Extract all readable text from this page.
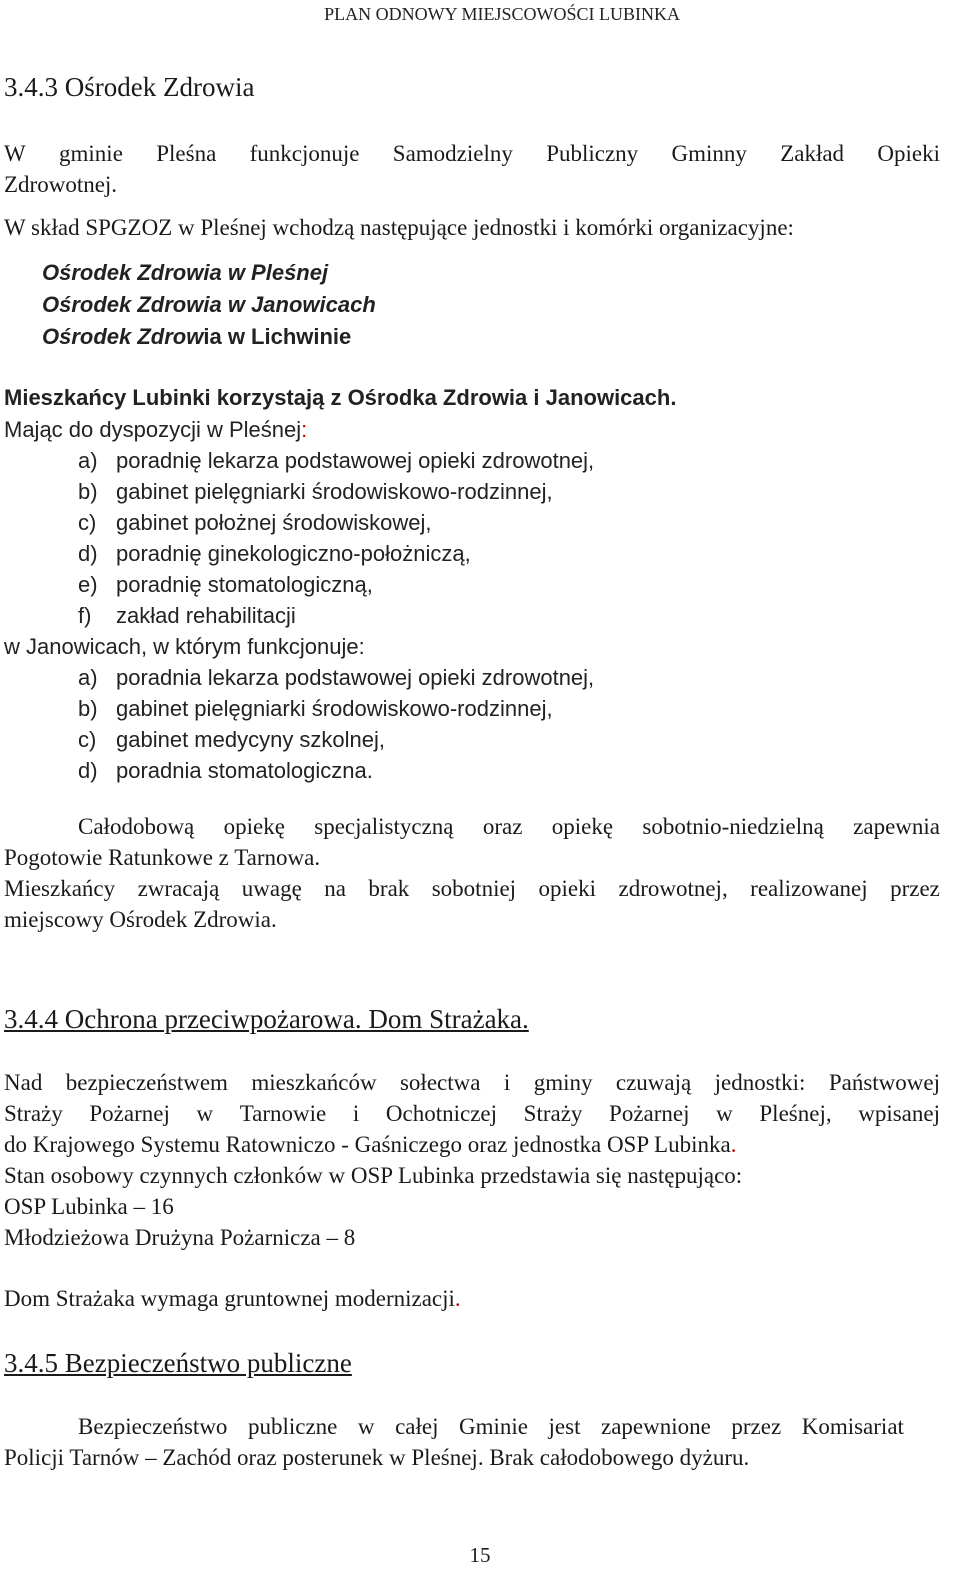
PLAN ODNOWY MIEJSCOWOŚCI LUBINKA
3.4.3 Ośrodek Zdrowia
W gminie Pleśna funkcjonuje Samodzielny Publiczny Gminny Zakład Opieki
Zdrowotnej.
W skład SPGZOZ w Pleśnej wchodzą następujące jednostki i komórki organizacyjne:
Ośrodek Zdrowia w Pleśnej
Ośrodek Zdrowia w Janowicach
Ośrodek Zdrowia w Lichwinie
Mieszkańcy Lubinki korzystają z Ośrodka Zdrowia i Janowicach.
Mając do dyspozycji w Pleśnej:
a) poradnię lekarza podstawowej opieki zdrowotnej,
b) gabinet pielęgniarki środowiskowo-rodzinnej,
c) gabinet położnej środowiskowej,
d) poradnię ginekologiczno-położniczą,
e) poradnię stomatologiczną,
f) zakład rehabilitacji
w Janowicach, w którym funkcjonuje:
a) poradnia lekarza podstawowej opieki zdrowotnej,
b) gabinet pielęgniarki środowiskowo-rodzinnej,
c) gabinet medycyny szkolnej,
d) poradnia stomatologiczna.
Całodobową opiekę specjalistyczną oraz opiekę sobotnio-niedzielną zapewnia
Pogotowie Ratunkowe z Tarnowa.
Mieszkańcy zwracają uwagę na brak sobotniej opieki zdrowotnej, realizowanej przez
miejscowy Ośrodek Zdrowia.
3.4.4 Ochrona przeciwpożarowa. Dom Strażaka.
Nad bezpieczeństwem mieszkańców sołectwa i gminy czuwają jednostki: Państwowej
Straży Pożarnej w Tarnowie i Ochotniczej Straży Pożarnej w Pleśnej, wpisanej
do Krajowego Systemu Ratowniczo - Gaśniczego oraz jednostka OSP Lubinka.
Stan osobowy czynnych członków w OSP Lubinka przedstawia się następująco:
OSP Lubinka – 16
Młodzieżowa Drużyna Pożarnicza – 8
Dom Strażaka wymaga gruntownej modernizacji.
3.4.5 Bezpieczeństwo publiczne
Bezpieczeństwo publiczne w całej Gminie jest zapewnione przez Komisariat
Policji Tarnów – Zachód oraz posterunek w Pleśnej. Brak całodobowego dyżuru.
15
